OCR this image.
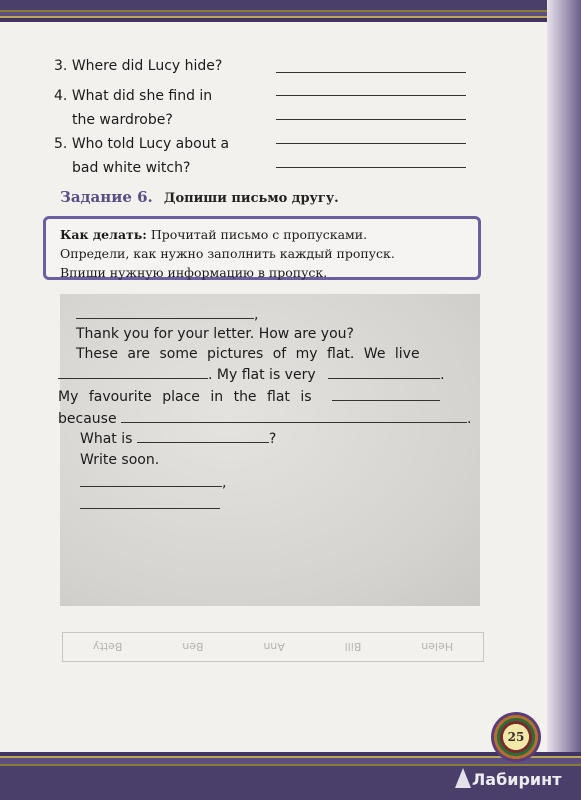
3. Where did Lucy hide?
4. What did she find in
the wardrobe?
5. Who told Lucy about a
bad white witch?
Задание 6. Допиши письмо другу.
Как делать: Прочитай письмо с пропусками.
Определи, как нужно заполнить каждый пропуск.
Впиши нужную информацию в пропуск.
,
Thank you for your letter. How are you?
These are some pictures of my flat. We live
. My flat is very	.
My favourite place in the flat is
because	.
What is	?
Write soon.
,
Helen
Bill
Ann
Ben
Betty
25
Лабиринт
